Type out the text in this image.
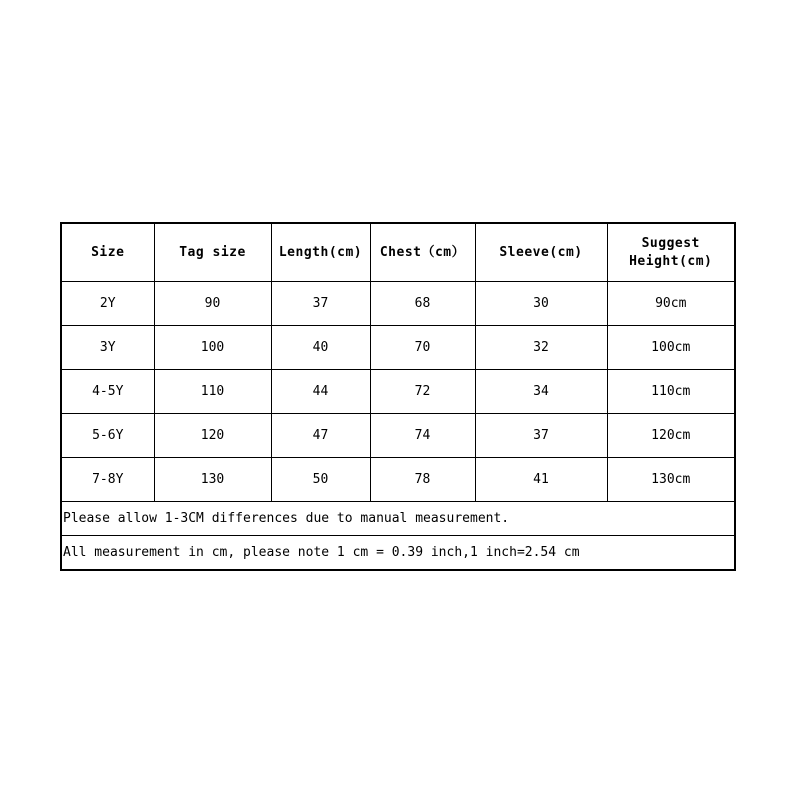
Size	Tag size	Length(cm)	Chest（cm）	Sleeve(cm)	Suggest
Height(cm)

2Y	90	37	68	30	90cm
3Y	100	40	70	32	100cm
4-5Y	110	44	72	34	110cm
5-6Y	120	47	74	37	120cm
7-8Y	130	50	78	41	130cm
Please allow 1-3CM differences due to manual measurement.					
All measurement in cm, please note 1 cm = 0.39 inch,1 inch=2.54 cm					
